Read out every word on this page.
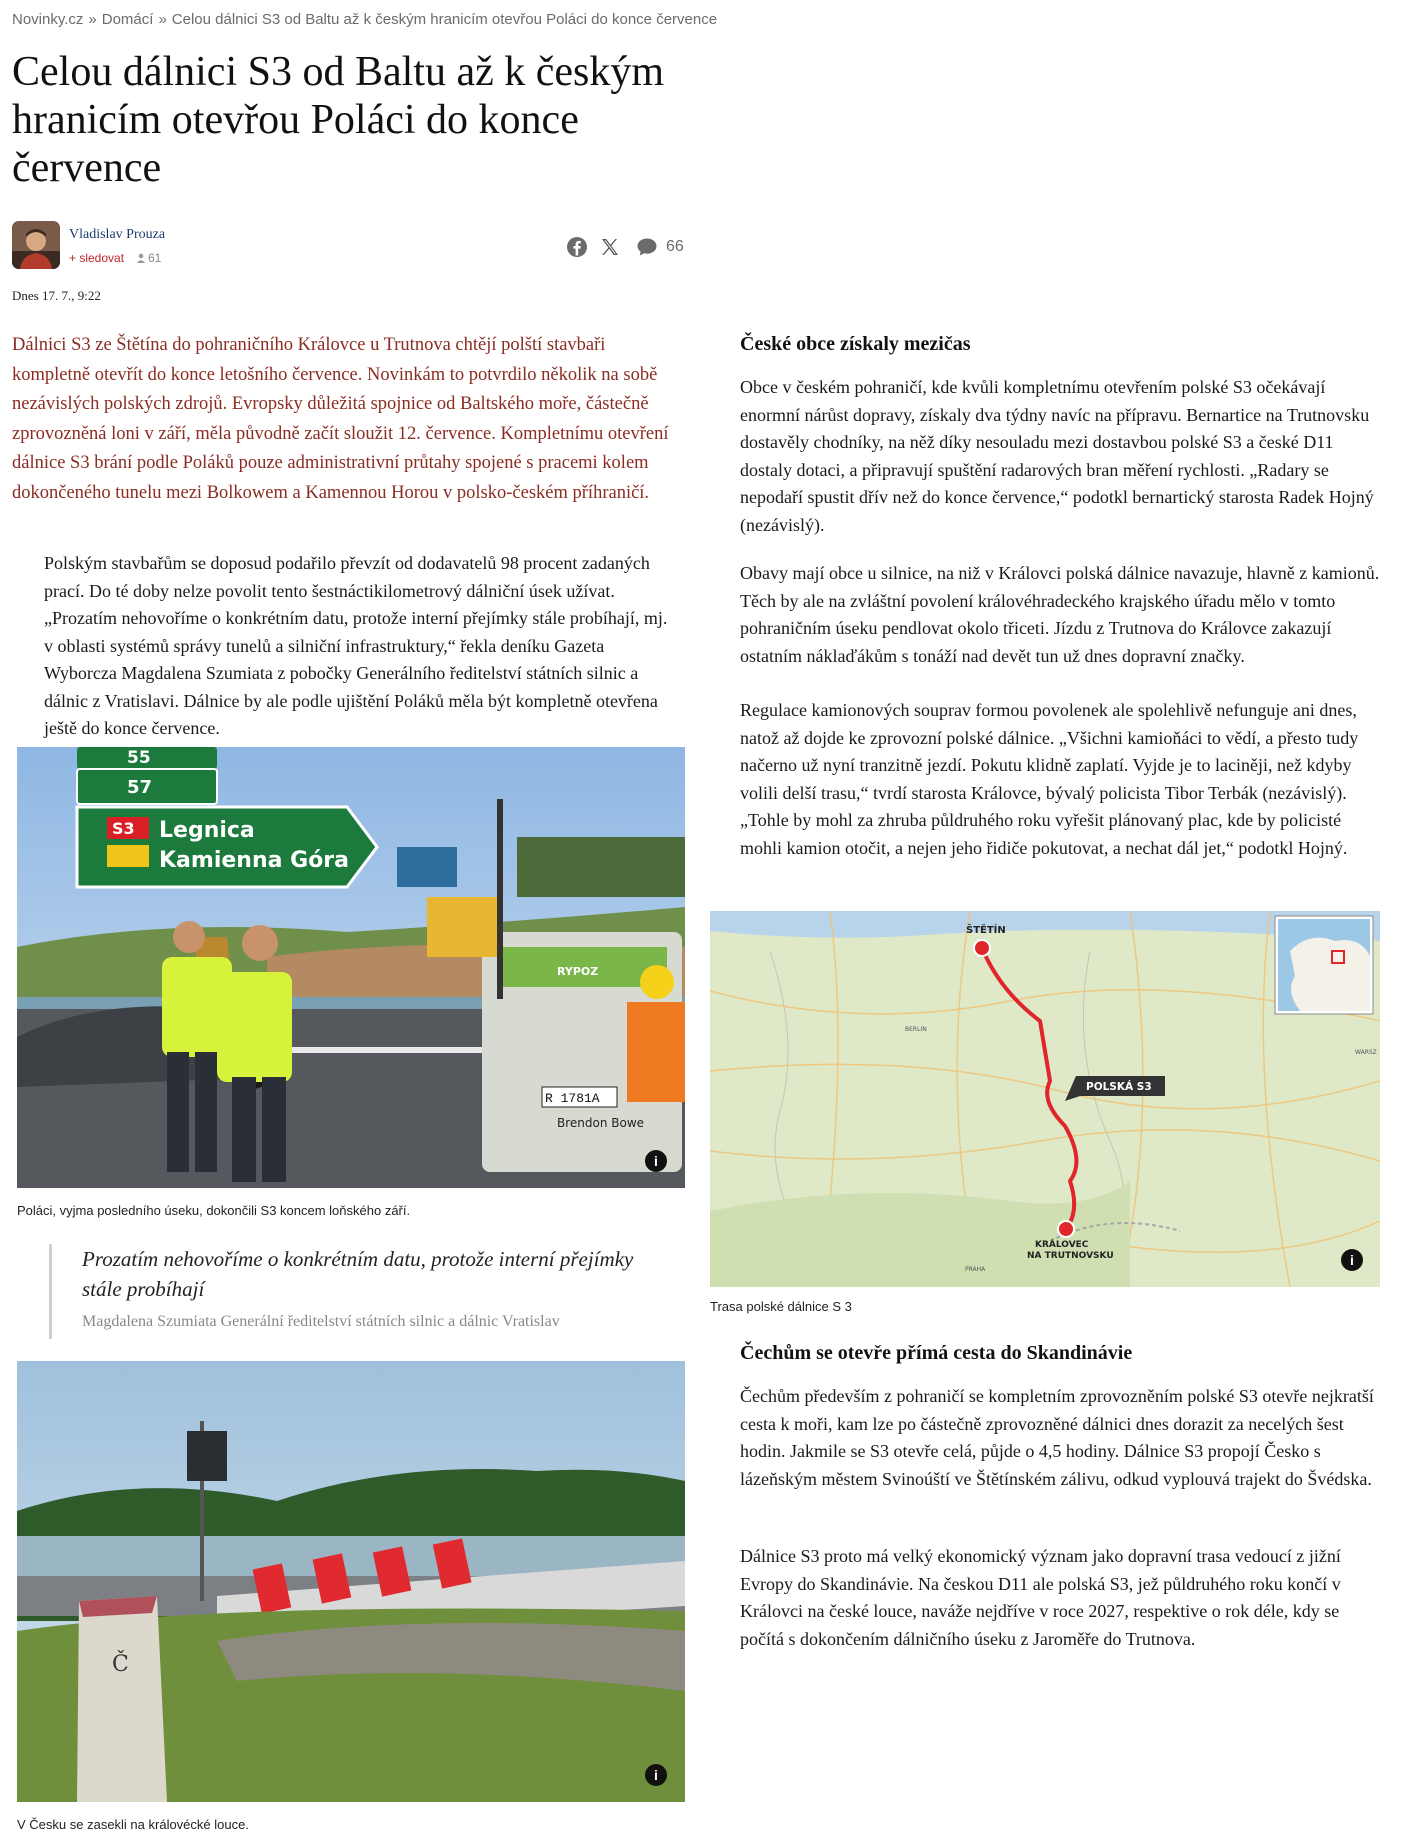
Novinky.cz » Domácí » Celou dálnici S3 od Baltu až k českým hranicím otevřou Poláci do konce července
Celou dálnici S3 od Baltu až k českým hranicím otevřou Poláci do konce července
Vladislav Prouza
+ sledovat	61
66
Dnes 17. 7., 9:22

Dálnici S3 ze Štětína do pohraničního Královce u Trutnova chtějí polští stavbaři kompletně otevřít do konce letošního července. Novinkám to potvrdilo několik na sobě nezávislých polských zdrojů. Evropsky důležitá spojnice od Baltského moře, částečně zprovozněná loni v září, měla původně začít sloužit 12. července. Kompletnímu otevření dálnice S3 brání podle Poláků pouze administrativní průtahy spojené s pracemi kolem dokončeného tunelu mezi Bolkowem a Kamennou Horou v polsko-českém příhraničí.

Polským stavbařům se doposud podařilo převzít od dodavatelů 98 procent zadaných prací. Do té doby nelze povolit tento šestnáctikilometrový dálniční úsek užívat. „Prozatím nehovoříme o konkrétním datu, protože interní přejímky stále probíhají, mj. v oblasti systémů správy tunelů a silniční infrastruktury,“ řekla deníku Gazeta Wyborcza Magdalena Szumiata z pobočky Generálního ředitelství státních silnic a dálnic z Vratislavi. Dálnice by ale podle ujištění Poláků měla být kompletně otevřena ještě do konce července.

RYPOZ
R 1781A
Brendon Bowe
55
57
S3 Legnica
Kamienna Góra
i
Poláci, vyjma posledního úseku, dokončili S3 koncem loňského září.

Prozatím nehovoříme o konkrétním datu, protože interní přejímky stále probíhají

Magdalena Szumiata Generální ředitelství státních silnic a dálnic Vratislav
Č
i
V Česku se zasekli na královécké louce.
České obce získaly mezičas

Obce v českém pohraničí, kde kvůli kompletnímu otevřením polské S3 očekávají enormní nárůst dopravy, získaly dva týdny navíc na přípravu. Bernartice na Trutnovsku dostavěly chodníky, na něž díky nesouladu mezi dostavbou polské S3 a české D11 dostaly dotaci, a připravují spuštění radarových bran měření rychlosti. „Radary se nepodaří spustit dřív než do konce července,“ podotkl bernartický starosta Radek Hojný (nezávislý).

Obavy mají obce u silnice, na niž v Královci polská dálnice navazuje, hlavně z kamionů. Těch by ale na zvláštní povolení královéhradeckého krajského úřadu mělo v tomto pohraničním úseku pendlovat okolo třiceti. Jízdu z Trutnova do Královce zakazují ostatním náklaďákům s tonáží nad devět tun už dnes dopravní značky.

Regulace kamionových souprav formou povolenek ale spolehlivě nefunguje ani dnes, natož až dojde ke zprovozní polské dálnice. „Všichni kamioňáci to vědí, a přesto tudy načerno už nyní tranzitně jezdí. Pokutu klidně zaplatí. Vyjde je to laciněji, než kdyby volili delší trasu,“ tvrdí starosta Královce, bývalý policista Tibor Terbák (nezávislý). „Tohle by mohl za zhruba půldruhého roku vyřešit plánovaný plac, kde by policisté mohli kamion otočit, a nejen jeho řidiče pokutovat, a nechat dál jet,“ podotkl Hojný.

ŠTĚTÍN
KRÁLOVEC
NA TRUTNOVSKU
POLSKÁ S3
BERLIN
WARSZ
PRAHA
i
Trasa polské dálnice S 3
Čechům se otevře přímá cesta do Skandinávie

Čechům především z pohraničí se kompletním zprovozněním polské S3 otevře nejkratší cesta k moři, kam lze po částečně zprovozněné dálnici dnes dorazit za necelých šest hodin. Jakmile se S3 otevře celá, půjde o 4,5 hodiny. Dálnice S3 propojí Česko s lázeňským městem Svinoúští ve Štětínském zálivu, odkud vyplouvá trajekt do Švédska.

Dálnice S3 proto má velký ekonomický význam jako dopravní trasa vedoucí z jižní Evropy do Skandinávie. Na českou D11 ale polská S3, jež půldruhého roku končí v Královci na české louce, naváže nejdříve v roce 2027, respektive o rok déle, kdy se počítá s dokončením dálničního úseku z Jaroměře do Trutnova.
